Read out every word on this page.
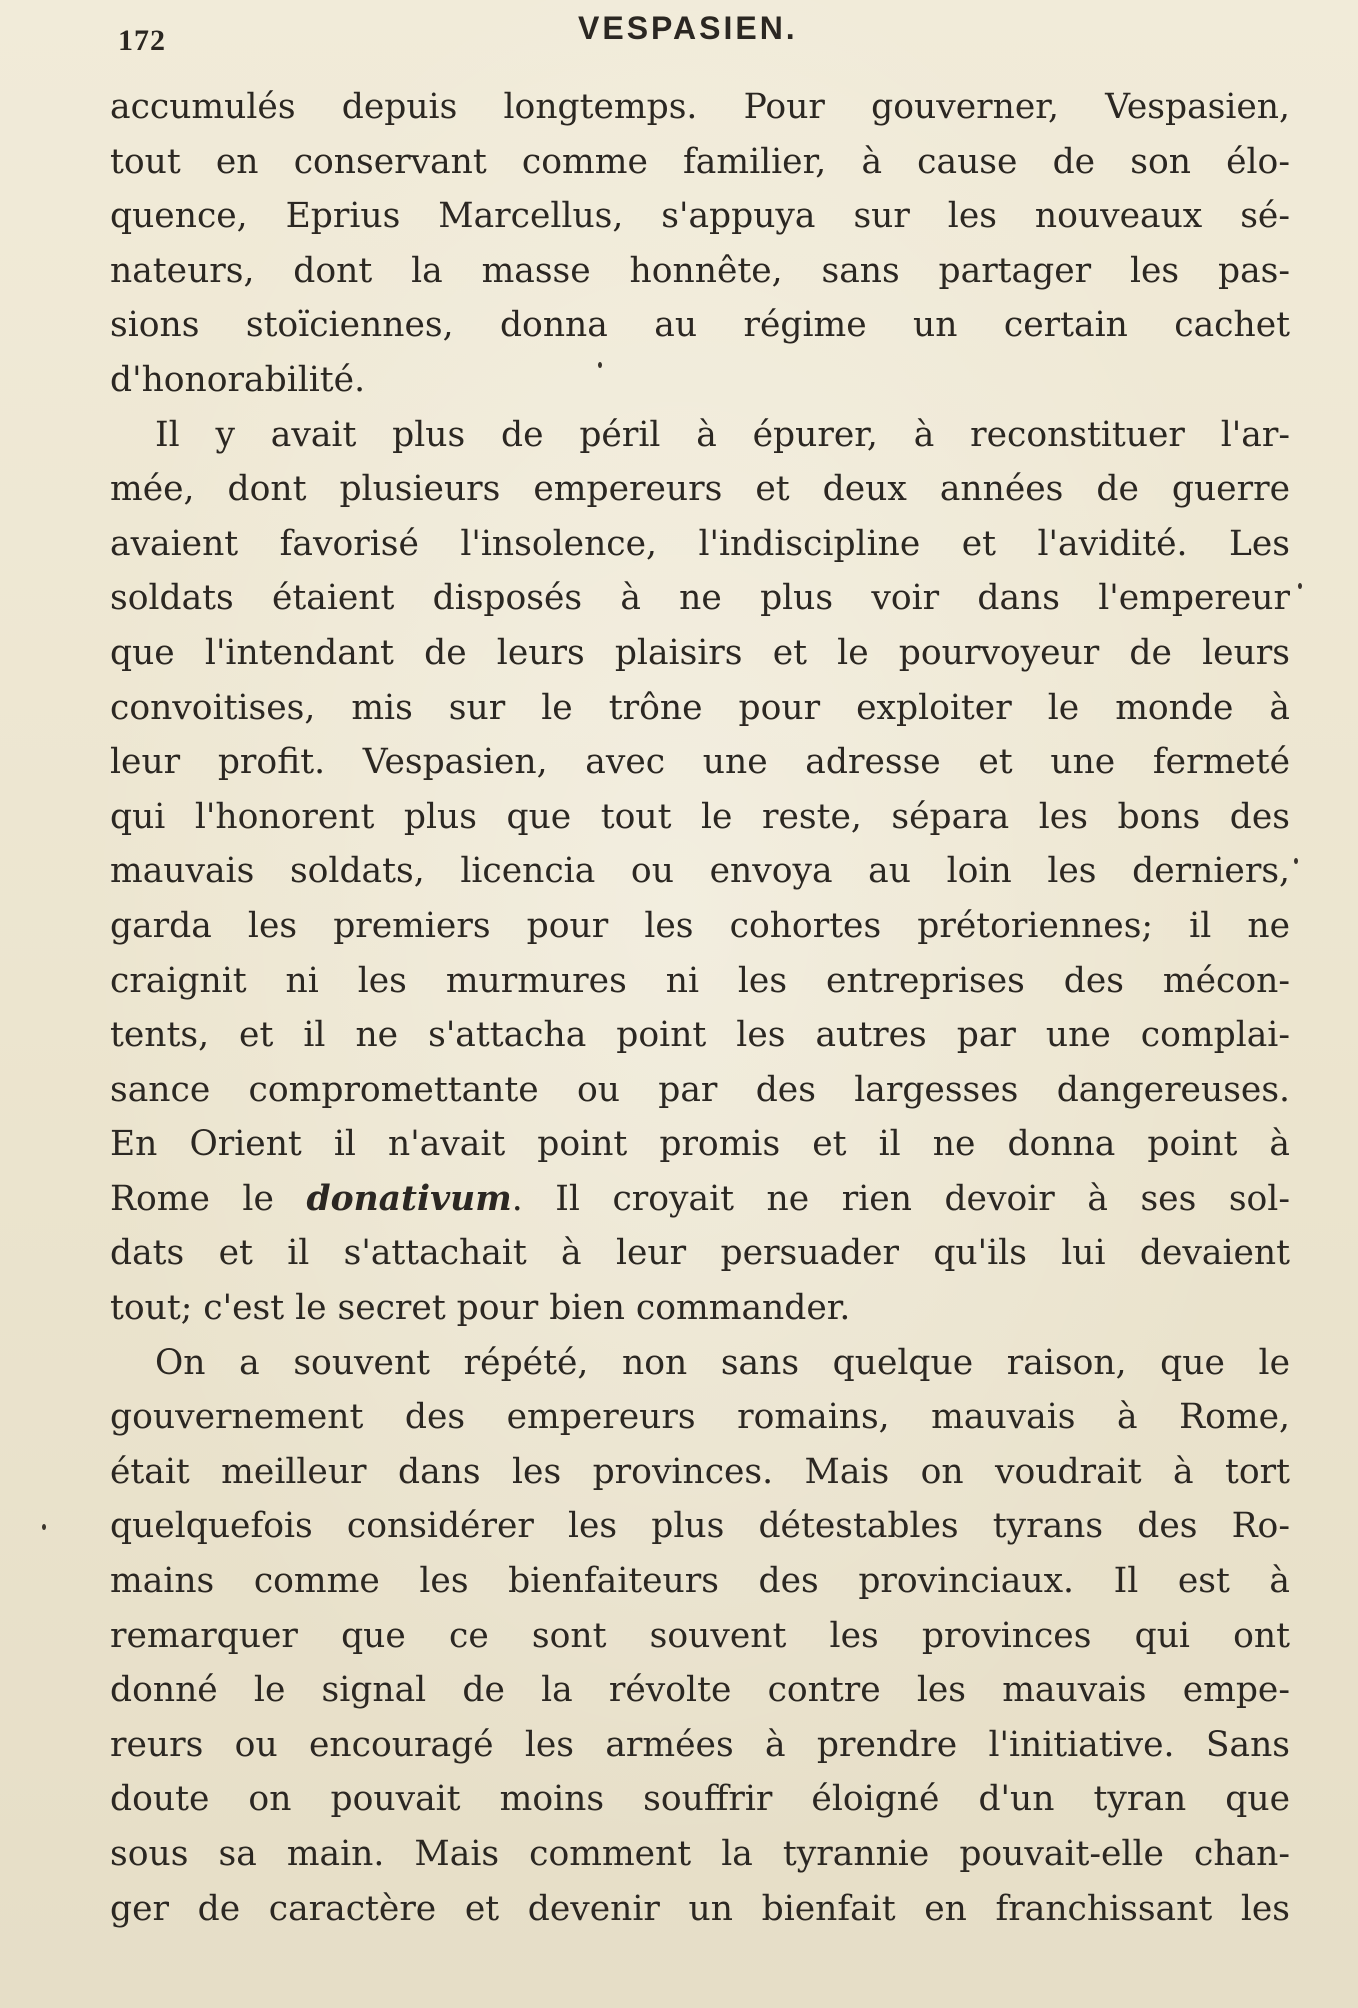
172	VESPASIEN.
accumulés depuis longtemps. Pour gouverner, Vespasien,
tout en conservant comme familier, à cause de son élo-
quence, Eprius Marcellus, s'appuya sur les nouveaux sé-
nateurs, dont la masse honnête, sans partager les pas-
sions stoïciennes, donna au régime un certain cachet
d'honorabilité.
Il y avait plus de péril à épurer, à reconstituer l'ar-
mée, dont plusieurs empereurs et deux années de guerre
avaient favorisé l'insolence, l'indiscipline et l'avidité. Les
soldats étaient disposés à ne plus voir dans l'empereur
que l'intendant de leurs plaisirs et le pourvoyeur de leurs
convoitises, mis sur le trône pour exploiter le monde à
leur profit. Vespasien, avec une adresse et une fermeté
qui l'honorent plus que tout le reste, sépara les bons des
mauvais soldats, licencia ou envoya au loin les derniers,
garda les premiers pour les cohortes prétoriennes; il ne
craignit ni les murmures ni les entreprises des mécon-
tents, et il ne s'attacha point les autres par une complai-
sance compromettante ou par des largesses dangereuses.
En Orient il n'avait point promis et il ne donna point à
Rome le donativum. Il croyait ne rien devoir à ses sol-
dats et il s'attachait à leur persuader qu'ils lui devaient
tout; c'est le secret pour bien commander.
On a souvent répété, non sans quelque raison, que le
gouvernement des empereurs romains, mauvais à Rome,
était meilleur dans les provinces. Mais on voudrait à tort
quelquefois considérer les plus détestables tyrans des Ro-
mains comme les bienfaiteurs des provinciaux. Il est à
remarquer que ce sont souvent les provinces qui ont
donné le signal de la révolte contre les mauvais empe-
reurs ou encouragé les armées à prendre l'initiative. Sans
doute on pouvait moins souffrir éloigné d'un tyran que
sous sa main. Mais comment la tyrannie pouvait-elle chan-
ger de caractère et devenir un bienfait en franchissant les
